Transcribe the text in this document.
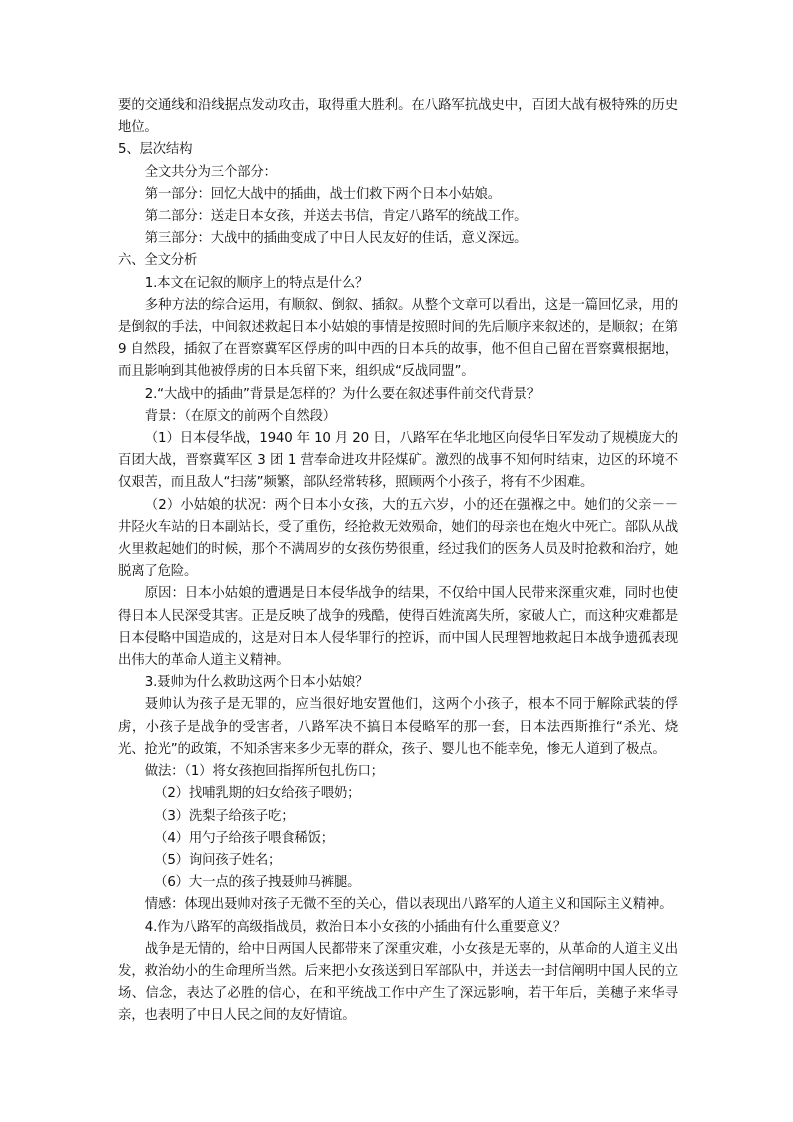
要的交通线和沿线据点发动攻击，取得重大胜利。在八路军抗战史中，百团大战有极特殊的历史地位。

5、层次结构

全文共分为三个部分：

第一部分：回忆大战中的插曲，战士们救下两个日本小姑娘。

第二部分：送走日本女孩，并送去书信，肯定八路军的统战工作。

第三部分：大战中的插曲变成了中日人民友好的佳话，意义深远。

六、全文分析

1.本文在记叙的顺序上的特点是什么？

多种方法的综合运用，有顺叙、倒叙、插叙。从整个文章可以看出，这是一篇回忆录，用的是倒叙的手法，中间叙述救起日本小姑娘的事情是按照时间的先后顺序来叙述的，是顺叙；在第 9 自然段，插叙了在晋察冀军区俘虏的叫中西的日本兵的故事，他不但自己留在晋察冀根据地，而且影响到其他被俘虏的日本兵留下来，组织成“反战同盟”。

2.“大战中的插曲”背景是怎样的？为什么要在叙述事件前交代背景？

背景：（在原文的前两个自然段）

（1）日本侵华战，1940 年 10 月 20 日，八路军在华北地区向侵华日军发动了规模庞大的百团大战，晋察冀军区 3 团 1 营奉命进攻井陉煤矿。激烈的战事不知何时结束，边区的环境不仅艰苦，而且敌人“扫荡”频繁，部队经常转移，照顾两个小孩子，将有不少困难。

（2）小姑娘的状况：两个日本小女孩，大的五六岁，小的还在强褓之中。她们的父亲－－井陉火车站的日本副站长，受了重伤，经抢救无效殒命，她们的母亲也在炮火中死亡。部队从战火里救起她们的时候，那个不满周岁的女孩伤势很重，经过我们的医务人员及时抢救和治疗，她脱离了危险。

原因：日本小姑娘的遭遇是日本侵华战争的结果，不仅给中国人民带来深重灾难，同时也使得日本人民深受其害。正是反映了战争的残酷，使得百姓流离失所，家破人亡，而这种灾难都是日本侵略中国造成的，这是对日本人侵华罪行的控诉，而中国人民理智地救起日本战争遗孤表现出伟大的革命人道主义精神。

3.聂帅为什么救助这两个日本小姑娘？

聂帅认为孩子是无罪的，应当很好地安置他们，这两个小孩子，根本不同于解除武装的俘虏，小孩子是战争的受害者，八路军决不搞日本侵略军的那一套，日本法西斯推行“杀光、烧光、抢光”的政策，不知杀害来多少无辜的群众，孩子、婴儿也不能幸免，惨无人道到了极点。

做法：（1）将女孩抱回指挥所包扎伤口；

（2）找哺乳期的妇女给孩子喂奶；

（3）洗梨子给孩子吃；

（4）用勺子给孩子喂食稀饭；

（5）询问孩子姓名；

（6）大一点的孩子拽聂帅马裤腿。

情感：体现出聂帅对孩子无微不至的关心，借以表现出八路军的人道主义和国际主义精神。

4.作为八路军的高级指战员，救治日本小女孩的小插曲有什么重要意义？

战争是无情的，给中日两国人民都带来了深重灾难，小女孩是无辜的，从革命的人道主义出发，救治幼小的生命理所当然。后来把小女孩送到日军部队中，并送去一封信阐明中国人民的立场、信念，表达了必胜的信心，在和平统战工作中产生了深远影响，若干年后，美穗子来华寻亲，也表明了中日人民之间的友好情谊。
